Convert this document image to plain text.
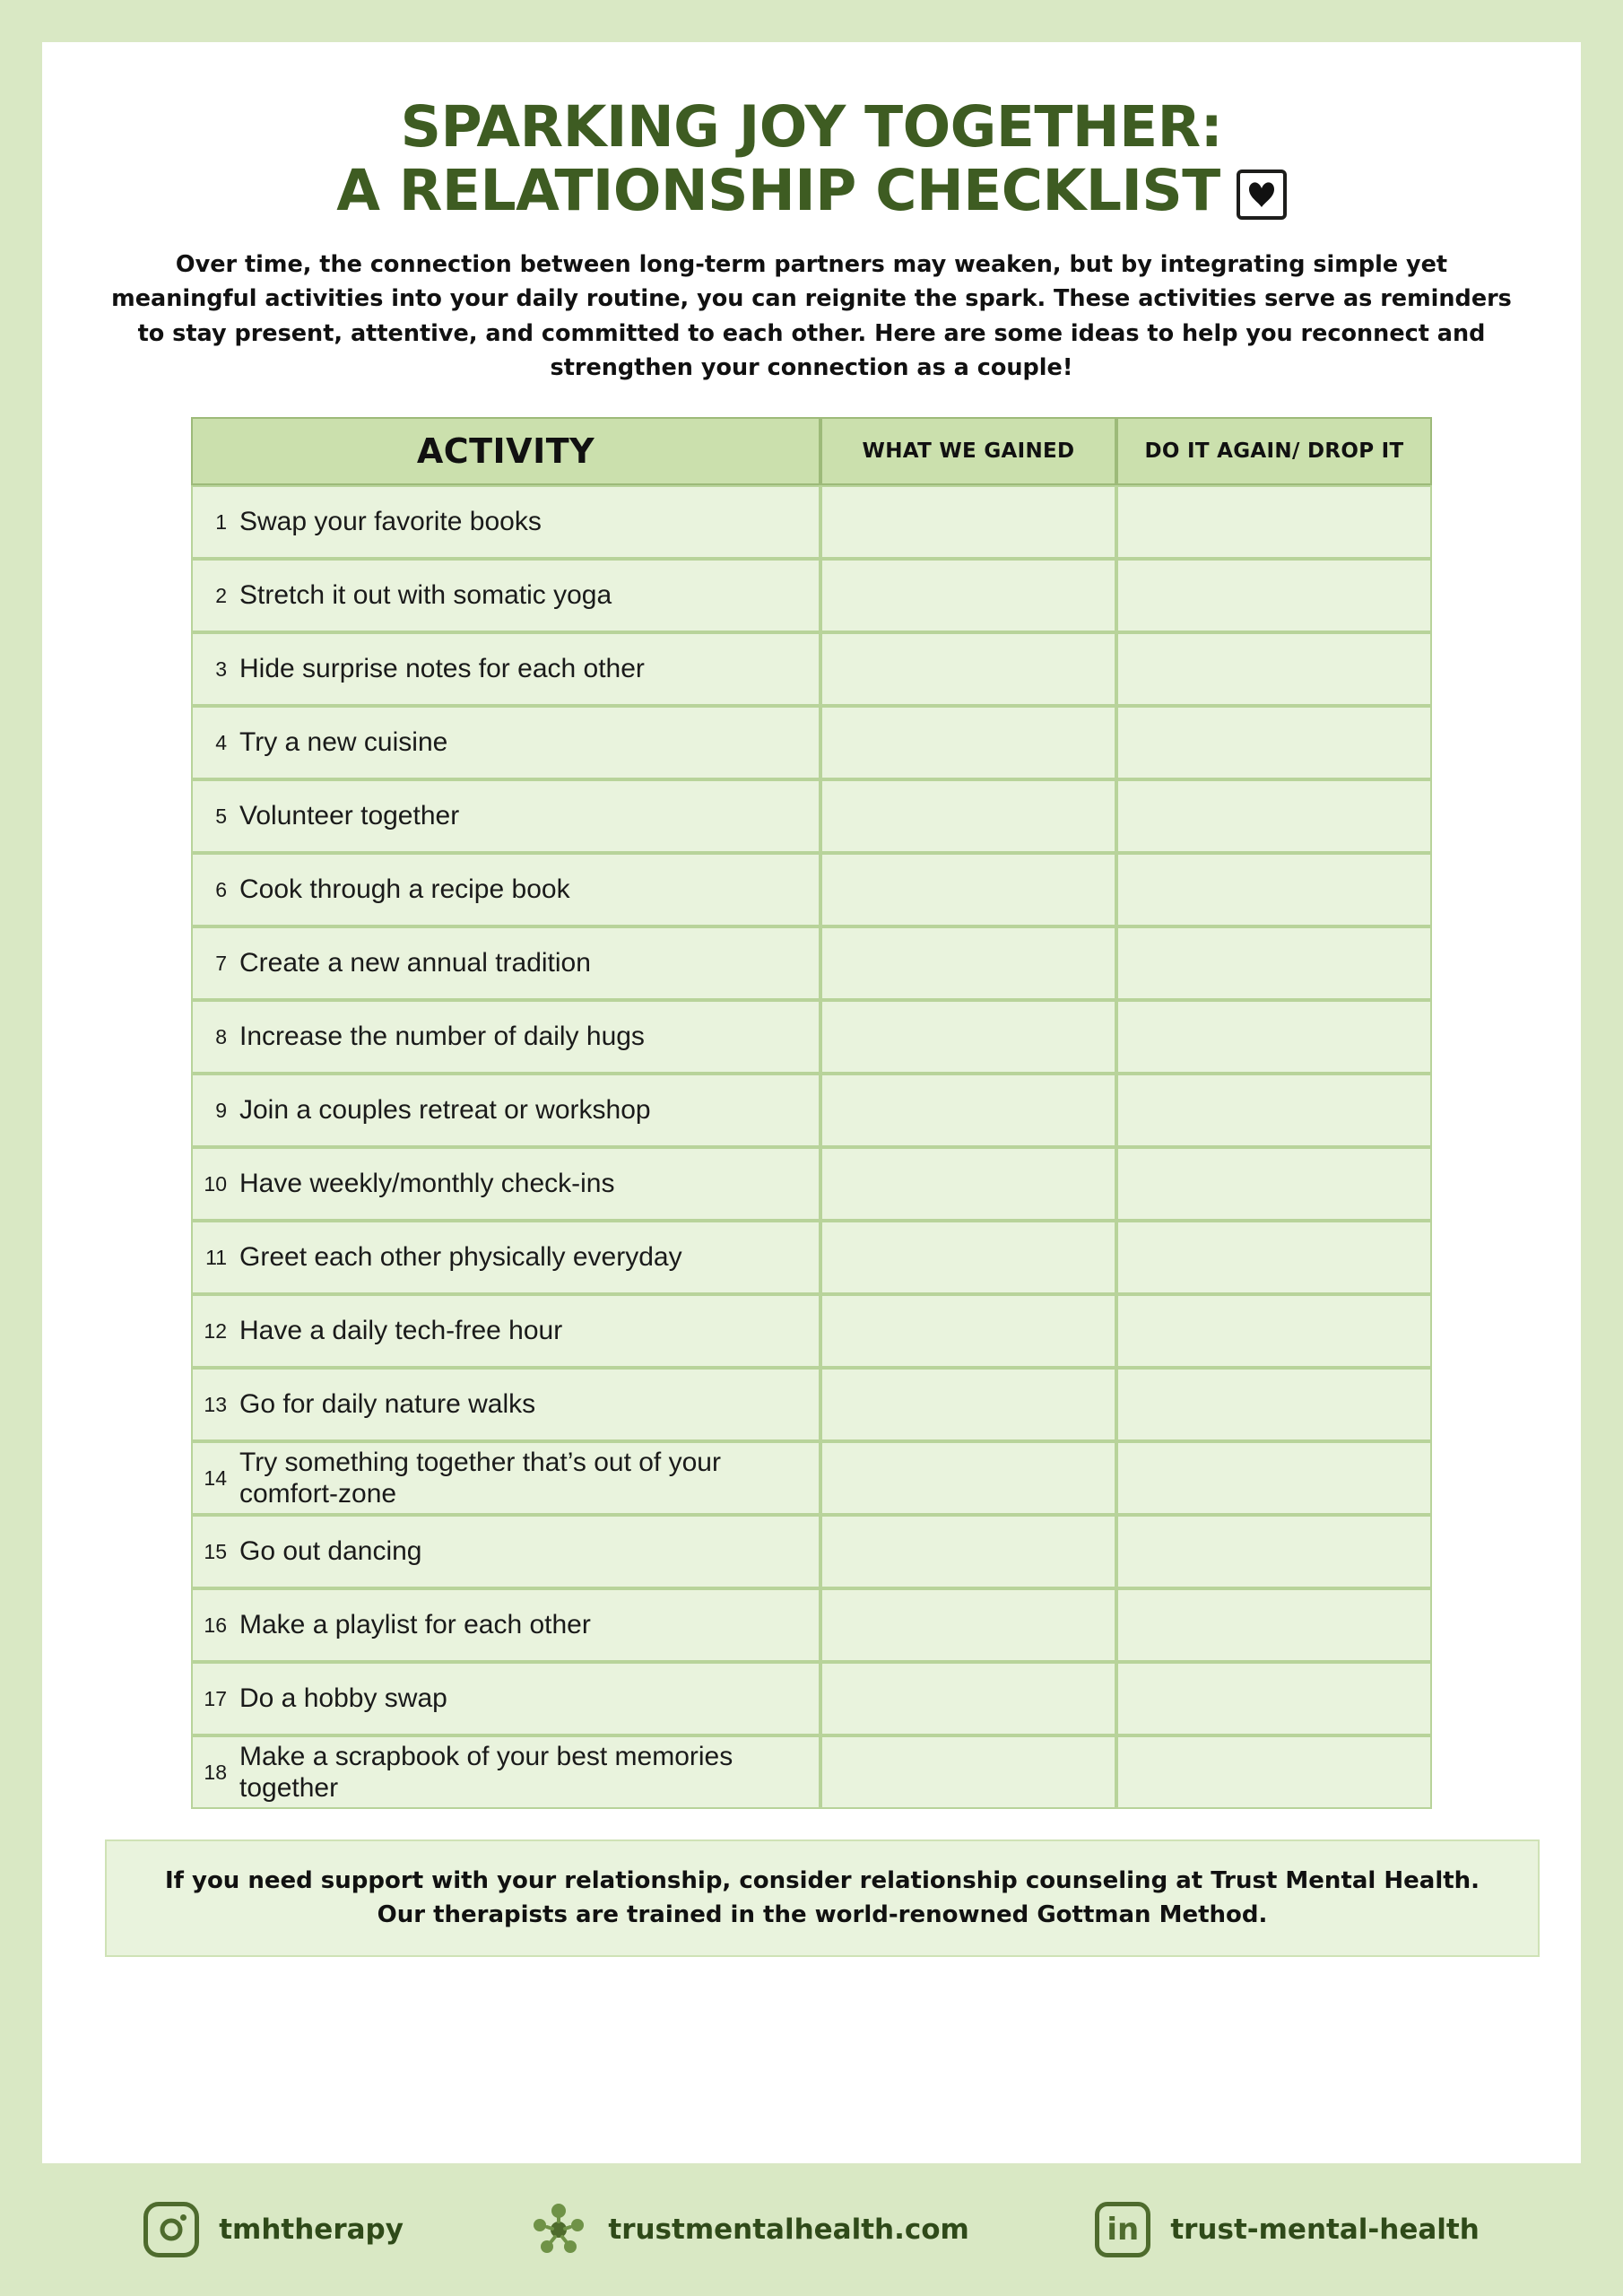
SPARKING JOY TOGETHER:
A RELATIONSHIP CHECKLIST

Over time, the connection between long-term partners may weaken, but by integrating simple yet meaningful activities into your daily routine, you can reignite the spark. These activities serve as reminders to stay present, attentive, and committed to each other. Here are some ideas to help you reconnect and strengthen your connection as a couple!

ACTIVITY	WHAT WE GAINED	DO IT AGAIN/ DROP IT

1 Swap your favorite books		

2 Stretch it out with somatic yoga		

3 Hide surprise notes for each other		

4 Try a new cuisine		

5 Volunteer together		

6 Cook through a recipe book		

7 Create a new annual tradition		

8 Increase the number of daily hugs		

9 Join a couples retreat or workshop		

10 Have weekly/monthly check-ins		

11 Greet each other physically everyday		

12 Have a daily tech-free hour		

13 Go for daily nature walks		

14
Try something together that’s out of your comfort-zone		

15 Go out dancing		

16 Make a playlist for each other		

17 Do a hobby swap		

18
Make a scrapbook of your best memories together		

If you need support with your relationship, consider relationship counseling at Trust Mental Health. Our therapists are trained in the world-renowned Gottman Method.
tmhtherapy	trustmentalhealth.com	in	trust-mental-health
